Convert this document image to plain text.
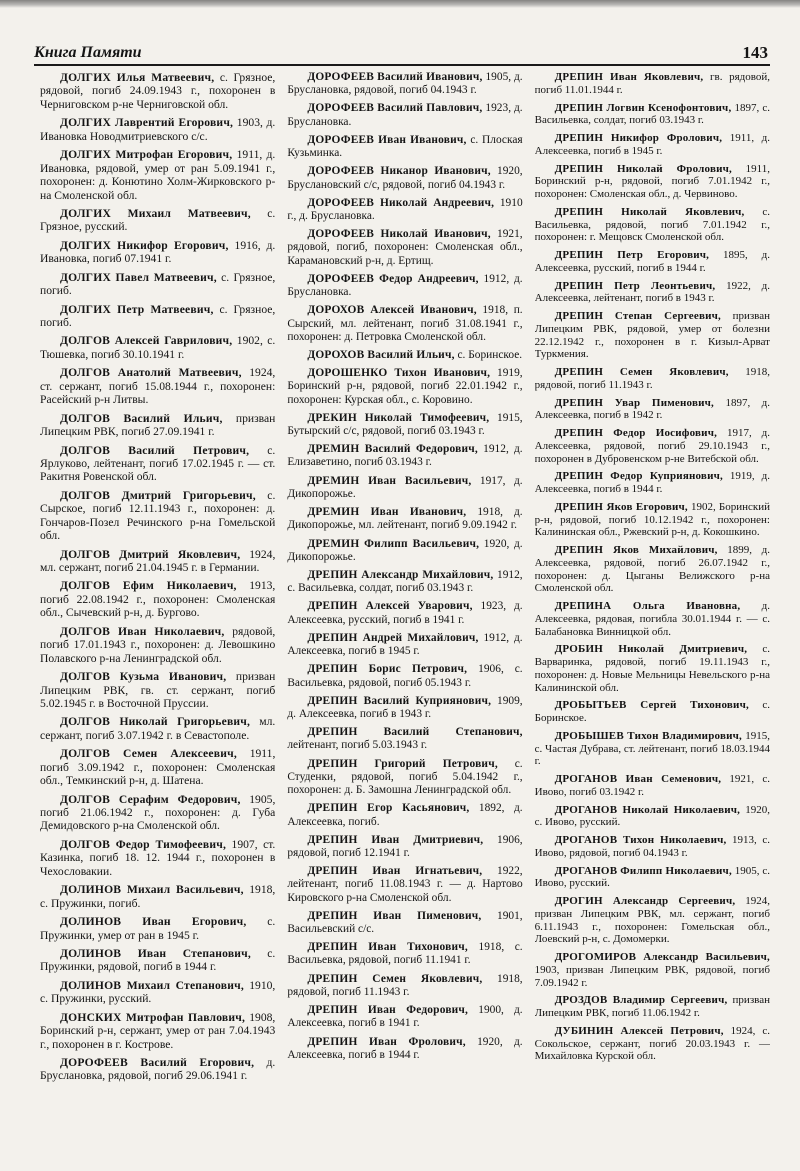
Книга Памяти	143

ДОЛГИХ Илья Матвеевич, с. Грязное, рядовой, погиб 24.09.1943 г., похоронен в Черниговском р-не Черниговской обл.

ДОЛГИХ Лаврентий Егорович, 1903, д. Ивановка Новодмитриевского с/с.

ДОЛГИХ Митрофан Егорович, 1911, д. Ивановка, рядовой, умер от ран 5.09.1941 г., похоронен: д. Конютино Холм-Жирковского р-на Смоленской обл.

ДОЛГИХ Михаил Матвеевич, с. Грязное, русский.

ДОЛГИХ Никифор Егорович, 1916, д. Ивановка, погиб 07.1941 г.

ДОЛГИХ Павел Матвеевич, с. Грязное, погиб.

ДОЛГИХ Петр Матвеевич, с. Грязное, погиб.

ДОЛГОВ Алексей Гаврилович, 1902, с. Тюшевка, погиб 30.10.1941 г.

ДОЛГОВ Анатолий Матвеевич, 1924, ст. сержант, погиб 15.08.1944 г., похоронен: Расейский р-н Литвы.

ДОЛГОВ Василий Ильич, призван Липецким РВК, погиб 27.09.1941 г.

ДОЛГОВ Василий Петрович, с. Ярлуково, лейтенант, погиб 17.02.1945 г. — ст. Ракитня Ровенской обл.

ДОЛГОВ Дмитрий Григорьевич, с. Сырское, погиб 12.11.1943 г., похоронен: д. Гончаров-Позел Речинского р-на Гомельской обл.

ДОЛГОВ Дмитрий Яковлевич, 1924, мл. сержант, погиб 21.04.1945 г. в Германии.

ДОЛГОВ Ефим Николаевич, 1913, погиб 22.08.1942 г., похоронен: Смоленская обл., Сычевский р-н, д. Бургово.

ДОЛГОВ Иван Николаевич, рядовой, погиб 17.01.1943 г., похоронен: д. Левошкино Полавского р-на Ленинградской обл.

ДОЛГОВ Кузьма Иванович, призван Липецким РВК, гв. ст. сержант, погиб 5.02.1945 г. в Восточной Пруссии.

ДОЛГОВ Николай Григорьевич, мл. сержант, погиб 3.07.1942 г. в Севастополе.

ДОЛГОВ Семен Алексеевич, 1911, погиб 3.09.1942 г., похоронен: Смоленская обл., Темкинский р-н, д. Шатена.

ДОЛГОВ Серафим Федорович, 1905, погиб 21.06.1942 г., похоронен: д. Губа Демидовского р-на Смоленской обл.

ДОЛГОВ Федор Тимофеевич, 1907, ст. Казинка, погиб 18. 12. 1944 г., похоронен в Чехословакии.

ДОЛИНОВ Михаил Васильевич, 1918, с. Пружинки, погиб.

ДОЛИНОВ Иван Егорович, с. Пружинки, умер от ран в 1945 г.

ДОЛИНОВ Иван Степанович, с. Пружинки, рядовой, погиб в 1944 г.

ДОЛИНОВ Михаил Степанович, 1910, с. Пружинки, русский.

ДОНСКИХ Митрофан Павлович, 1908, Боринский р-н, сержант, умер от ран 7.04.1943 г., похоронен в г. Кострове.

ДОРОФЕЕВ Василий Егорович, д. Бруслановка, рядовой, погиб 29.06.1941 г.

ДОРОФЕЕВ Василий Иванович, 1905, д. Бруслановка, рядовой, погиб 04.1943 г.

ДОРОФЕЕВ Василий Павлович, 1923, д. Бруслановка.

ДОРОФЕЕВ Иван Иванович, с. Плоская Кузьминка.

ДОРОФЕЕВ Никанор Иванович, 1920, Бруслановский с/с, рядовой, погиб 04.1943 г.

ДОРОФЕЕВ Николай Андреевич, 1910 г., д. Бруслановка.

ДОРОФЕЕВ Николай Иванович, 1921, рядовой, погиб, похоронен: Смоленская обл., Карамановский р-н, д. Ертищ.

ДОРОФЕЕВ Федор Андреевич, 1912, д. Бруслановка.

ДОРОХОВ Алексей Иванович, 1918, п. Сырский, мл. лейтенант, погиб 31.08.1941 г., похоронен: д. Петровка Смоленской обл.

ДОРОХОВ Василий Ильич, с. Боринское.

ДОРОШЕНКО Тихон Иванович, 1919, Боринский р-н, рядовой, погиб 22.01.1942 г., похоронен: Курская обл., с. Коровино.

ДРЕКИН Николай Тимофеевич, 1915, Бутырский с/с, рядовой, погиб 03.1943 г.

ДРЕМИН Василий Федорович, 1912, д. Елизаветино, погиб 03.1943 г.

ДРЕМИН Иван Васильевич, 1917, д. Дикопорожье.

ДРЕМИН Иван Иванович, 1918, д. Дикопорожье, мл. лейтенант, погиб 9.09.1942 г.

ДРЕМИН Филипп Васильевич, 1920, д. Дикопорожье.

ДРЕПИН Александр Михайлович, 1912, с. Васильевка, солдат, погиб 03.1943 г.

ДРЕПИН Алексей Уварович, 1923, д. Алексеевка, русский, погиб в 1941 г.

ДРЕПИН Андрей Михайлович, 1912, д. Алексеевка, погиб в 1945 г.

ДРЕПИН Борис Петрович, 1906, с. Васильевка, рядовой, погиб 05.1943 г.

ДРЕПИН Василий Куприянович, 1909, д. Алексеевка, погиб в 1943 г.

ДРЕПИН Василий Степанович, лейтенант, погиб 5.03.1943 г.

ДРЕПИН Григорий Петрович, с. Студенки, рядовой, погиб 5.04.1942 г., похоронен: д. Б. Замошна Ленинградской обл.

ДРЕПИН Егор Касьянович, 1892, д. Алексеевка, погиб.

ДРЕПИН Иван Дмитриевич, 1906, рядовой, погиб 12.1941 г.

ДРЕПИН Иван Игнатьевич, 1922, лейтенант, погиб 11.08.1943 г. — д. Нартово Кировского р-на Смоленской обл.

ДРЕПИН Иван Пименович, 1901, Васильевский с/с.

ДРЕПИН Иван Тихонович, 1918, с. Васильевка, рядовой, погиб 11.1941 г.

ДРЕПИН Семен Яковлевич, 1918, рядовой, погиб 11.1943 г.

ДРЕПИН Иван Федорович, 1900, д. Алексеевка, погиб в 1941 г.

ДРЕПИН Иван Фролович, 1920, д. Алексеевка, погиб в 1944 г.

ДРЕПИН Иван Яковлевич, гв. рядовой, погиб 11.01.1944 г.

ДРЕПИН Логвин Ксенофонтович, 1897, с. Васильевка, солдат, погиб 03.1943 г.

ДРЕПИН Никифор Фролович, 1911, д. Алексеевка, погиб в 1945 г.

ДРЕПИН Николай Фролович, 1911, Боринский р-н, рядовой, погиб 7.01.1942 г., похоронен: Смоленская обл., д. Червиново.

ДРЕПИН Николай Яковлевич, с. Васильевка, рядовой, погиб 7.01.1942 г., похоронен: г. Мещовск Смоленской обл.

ДРЕПИН Петр Егорович, 1895, д. Алексеевка, русский, погиб в 1944 г.

ДРЕПИН Петр Леонтьевич, 1922, д. Алексеевка, лейтенант, погиб в 1943 г.

ДРЕПИН Степан Сергеевич, призван Липецким РВК, рядовой, умер от болезни 22.12.1942 г., похоронен в г. Кизыл-Арват Туркмения.

ДРЕПИН Семен Яковлевич, 1918, рядовой, погиб 11.1943 г.

ДРЕПИН Увар Пименович, 1897, д. Алексеевка, погиб в 1942 г.

ДРЕПИН Федор Иосифович, 1917, д. Алексеевка, рядовой, погиб 29.10.1943 г., похоронен в Дубровенском р-не Витебской обл.

ДРЕПИН Федор Куприянович, 1919, д. Алексеевка, погиб в 1944 г.

ДРЕПИН Яков Егорович, 1902, Боринский р-н, рядовой, погиб 10.12.1942 г., похоронен: Калининская обл., Ржевский р-н, д. Кокошкино.

ДРЕПИН Яков Михайлович, 1899, д. Алексеевка, рядовой, погиб 26.07.1942 г., похоронен: д. Цыганы Велижского р-на Смоленской обл.

ДРЕПИНА Ольга Ивановна, д. Алексеевка, рядовая, погибла 30.01.1944 г. — с. Балабановка Винницкой обл.

ДРОБИН Николай Дмитриевич, с. Варваринка, рядовой, погиб 19.11.1943 г., похоронен: д. Новые Мельницы Невельского р-на Калининской обл.

ДРОБЫТЬЕВ Сергей Тихонович, с. Боринское.

ДРОБЫШЕВ Тихон Владимирович, 1915, с. Частая Дубрава, ст. лейтенант, погиб 18.03.1944 г.

ДРОГАНОВ Иван Семенович, 1921, с. Ивово, погиб 03.1942 г.

ДРОГАНОВ Николай Николаевич, 1920, с. Ивово, русский.

ДРОГАНОВ Тихон Николаевич, 1913, с. Ивово, рядовой, погиб 04.1943 г.

ДРОГАНОВ Филипп Николаевич, 1905, с. Ивово, русский.

ДРОГИН Александр Сергеевич, 1924, призван Липецким РВК, мл. сержант, погиб 6.11.1943 г., похоронен: Гомельская обл., Лоевский р-н, с. Домомерки.

ДРОГОМИРОВ Александр Васильевич, 1903, призван Липецким РВК, рядовой, погиб 7.09.1942 г.

ДРОЗДОВ Владимир Сергеевич, призван Липецким РВК, погиб 11.06.1942 г.

ДУБИНИН Алексей Петрович, 1924, с. Сокольское, сержант, погиб 20.03.1943 г. — Михайловка Курской обл.
